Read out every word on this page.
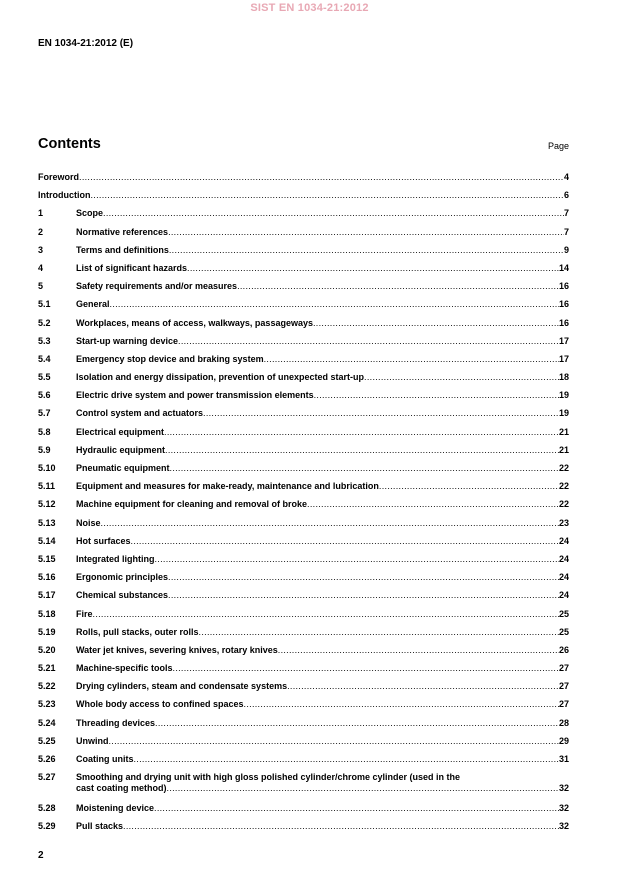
SIST EN 1034-21:2012
EN 1034-21:2012 (E)
Contents	Page
Foreword .....	4
Introduction .....	6
1	Scope .....	7
2	Normative references .....	7
3	Terms and definitions .....	9
4	List of significant hazards .....	14
5	Safety requirements and/or measures .....	16
5.1	General .....	16
5.2	Workplaces, means of access, walkways, passageways .....	16
5.3	Start-up warning device .....	17
5.4	Emergency stop device and braking system .....	17
5.5	Isolation and energy dissipation, prevention of unexpected start-up .....	18
5.6	Electric drive system and power transmission elements .....	19
5.7	Control system and actuators .....	19
5.8	Electrical equipment .....	21
5.9	Hydraulic equipment .....	21
5.10	Pneumatic equipment .....	22
5.11	Equipment and measures for make-ready, maintenance and lubrication .....	22
5.12	Machine equipment for cleaning and removal of broke .....	22
5.13	Noise .....	23
5.14	Hot surfaces .....	24
5.15	Integrated lighting .....	24
5.16	Ergonomic principles .....	24
5.17	Chemical substances .....	24
5.18	Fire .....	25
5.19	Rolls, pull stacks, outer rolls .....	25
5.20	Water jet knives, severing knives, rotary knives .....	26
5.21	Machine-specific tools .....	27
5.22	Drying cylinders, steam and condensate systems .....	27
5.23	Whole body access to confined spaces .....	27
5.24	Threading devices .....	28
5.25	Unwind .....	29
5.26	Coating units .....	31
5.27	Smoothing and drying unit with high gloss polished cylinder/chrome cylinder (used in the
cast coating method) .....	32
5.28	Moistening device .....	32
5.29	Pull stacks .....	32
2
